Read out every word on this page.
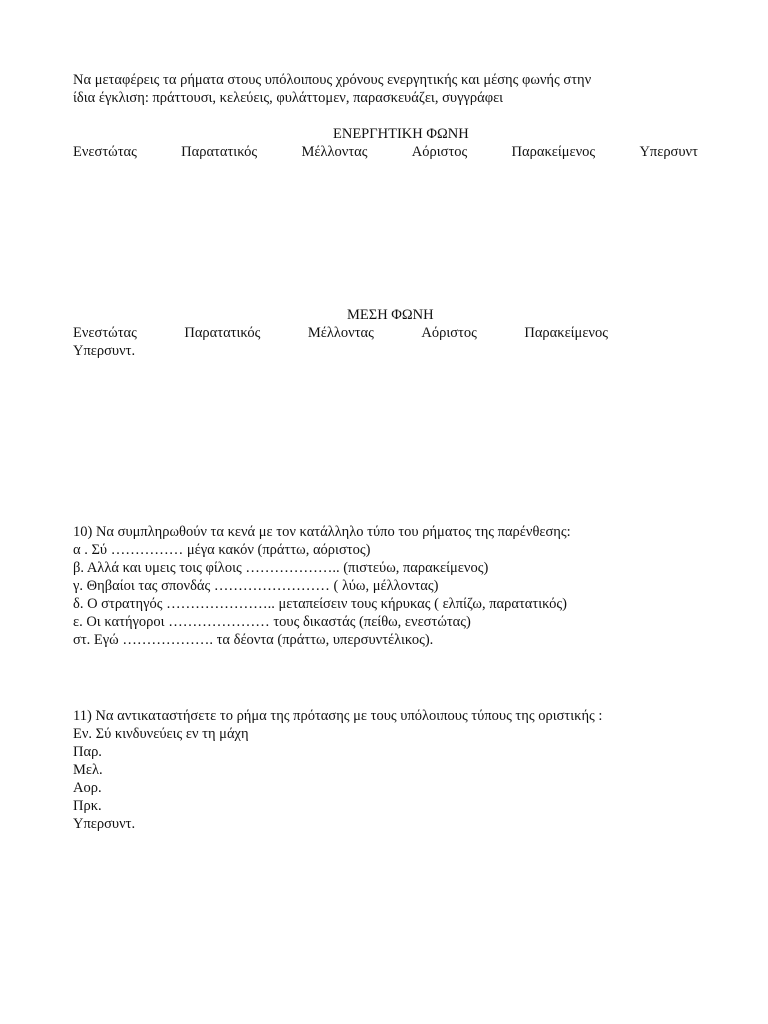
Να μεταφέρεις τα ρήματα στους υπόλοιπους χρόνους ενεργητικής και μέσης φωνής στην
ίδια έγκλιση: πράττουσι, κελεύεις, φυλάττομεν, παρασκευάζει, συγγράφει
ΕΝΕΡΓΗΤΙΚΗ ΦΩΝΗ
Ενεστώτας	Παρατατικός	Μέλλοντας	Αόριστος	Παρακείμενος	Υπερσυντ
ΜΕΣΗ ΦΩΝΗ
Ενεστώτας	Παρατατικός	Μέλλοντας	Αόριστος	Παρακείμενος
Υπερσυντ.
10) Να συμπληρωθούν τα κενά με τον κατάλληλο τύπο του ρήματος της παρένθεσης:
α . Σύ …………… μέγα κακόν (πράττω, αόριστος)
β. Αλλά και υμεις τοις φίλοις ……………….. (πιστεύω, παρακείμενος)
γ. Θηβαίοι τας σπονδάς …………………… ( λύω, μέλλοντας)
δ. Ο στρατηγός ………………….. μεταπείσειν τους κήρυκας ( ελπίζω, παρατατικός)
ε. Οι κατήγοροι ………………… τους δικαστάς (πείθω, ενεστώτας)
στ. Εγώ ………………. τα δέοντα (πράττω, υπερσυντέλικος).
11) Να αντικαταστήσετε το ρήμα της πρότασης με τους υπόλοιπους τύπους της οριστικής :
Εν. Σύ κινδυνεύεις εν τη μάχη
Παρ.
Μελ.
Αορ.
Πρκ.
Υπερσυντ.
